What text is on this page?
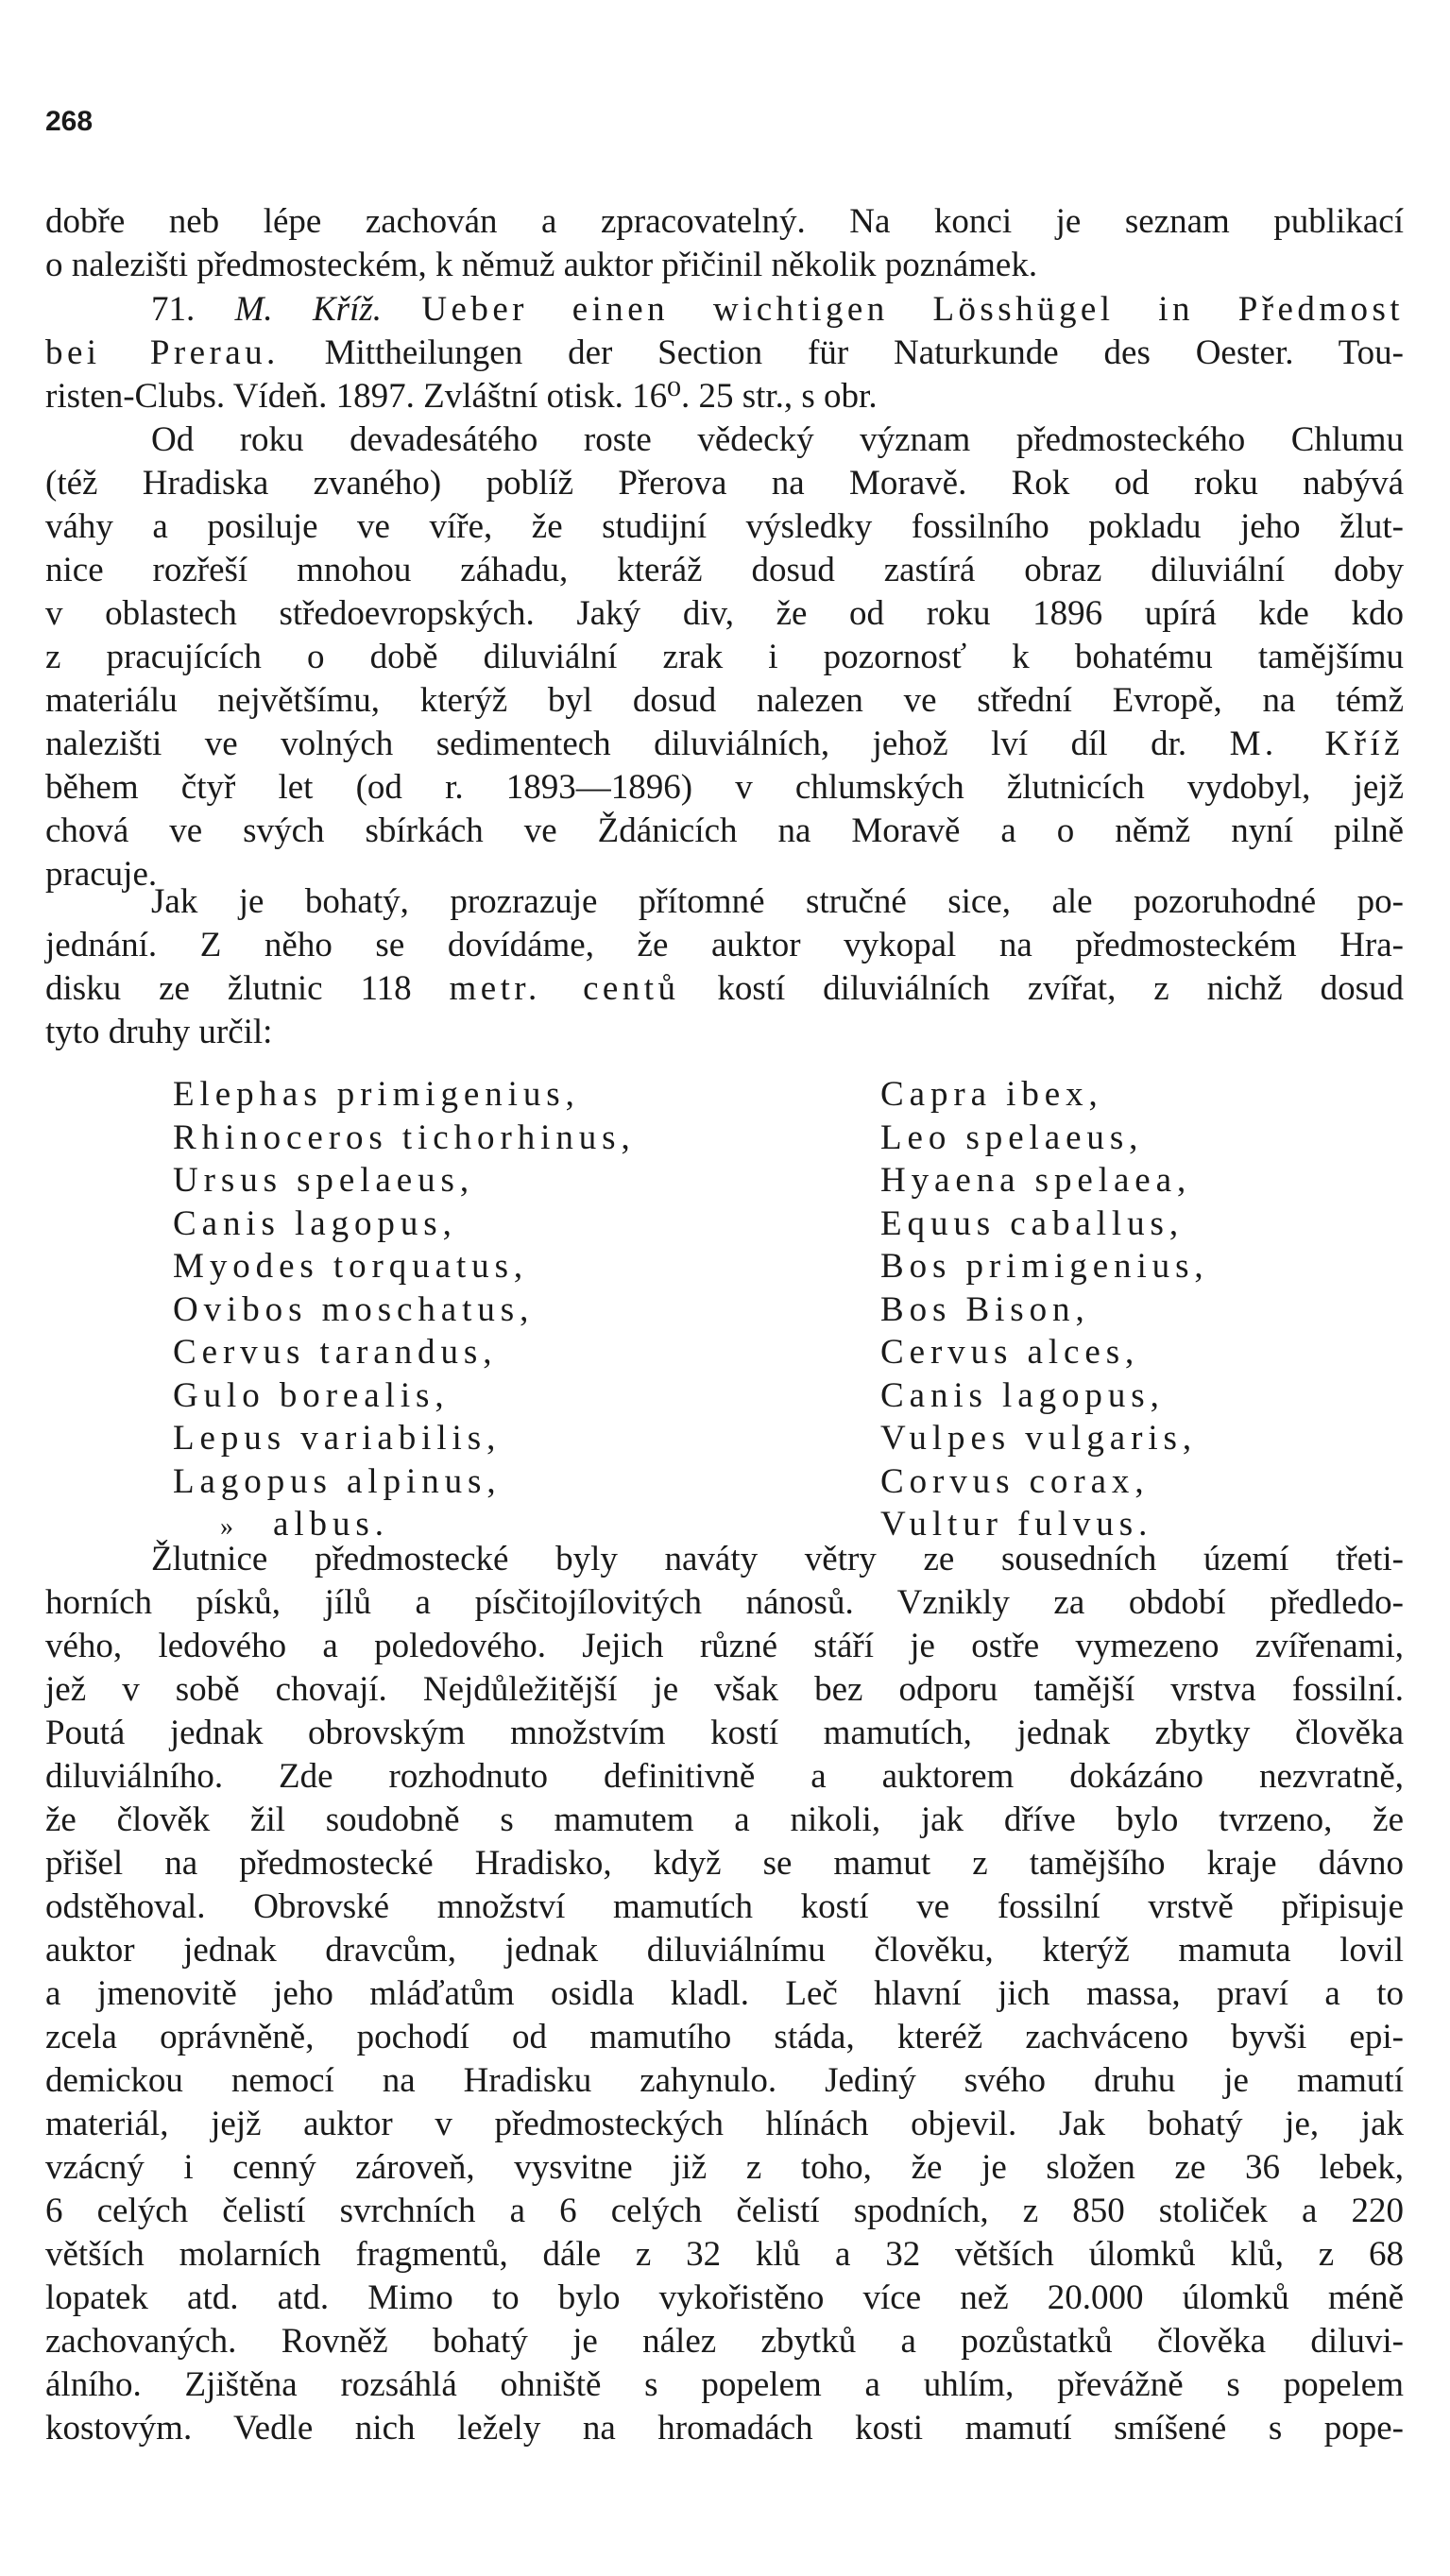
268
dobře neb lépe zachován a zpracovatelný. Na konci je seznam publikací
o nalezišti předmosteckém, k němuž auktor přičinil několik poznámek.
71. M. Kříž. Ueber einen wichtigen Lösshügel in Předmost
bei Prerau. Mittheilungen der Section für Naturkunde des Oester. Tou-
risten-Clubs. Vídeň. 1897. Zvláštní otisk. 16⁰. 25 str., s obr.
Od roku devadesátého roste vědecký význam předmosteckého Chlumu
(též Hradiska zvaného) poblíž Přerova na Moravě. Rok od roku nabývá
váhy a posiluje ve víře, že studijní výsledky fossilního pokladu jeho žlut-
nice rozřeší mnohou záhadu, kteráž dosud zastírá obraz diluviální doby
v oblastech středoevropských. Jaký div, že od roku 1896 upírá kde kdo
z pracujících o době diluviální zrak i pozornosť k bohatému tamějšímu
materiálu největšímu, kterýž byl dosud nalezen ve střední Evropě, na témž
nalezišti ve volných sedimentech diluviálních, jehož lví díl dr. M. Kříž
během čtyř let (od r. 1893—1896) v chlumských žlutnicích vydobyl, jejž
chová ve svých sbírkách ve Ždánicích na Moravě a o němž nyní pilně
pracuje.
Jak je bohatý, prozrazuje přítomné stručné sice, ale pozoruhodné po-
jednání. Z něho se dovídáme, že auktor vykopal na předmosteckém Hra-
disku ze žlutnic 118 metr. centů kostí diluviálních zvířat, z nichž dosud
tyto druhy určil:
Elephas primigenius,
Rhinoceros tichorhinus,
Ursus spelaeus,
Canis lagopus,
Myodes torquatus,
Ovibos moschatus,
Cervus tarandus,
Gulo borealis,
Lepus variabilis,
Lagopus alpinus,
» albus.
Capra ibex,
Leo spelaeus,
Hyaena spelaea,
Equus caballus,
Bos primigenius,
Bos Bison,
Cervus alces,
Canis lagopus,
Vulpes vulgaris,
Corvus corax,
Vultur fulvus.
Žlutnice předmostecké byly naváty větry ze sousedních území třeti-
horních písků, jílů a písčitojílovitých nánosů. Vznikly za období předledo-
vého, ledového a poledového. Jejich různé stáří je ostře vymezeno zvířenami,
jež v sobě chovají. Nejdůležitější je však bez odporu tamější vrstva fossilní.
Poutá jednak obrovským množstvím kostí mamutích, jednak zbytky člověka
diluviálního. Zde rozhodnuto definitivně a auktorem dokázáno nezvratně,
že člověk žil soudobně s mamutem a nikoli, jak dříve bylo tvrzeno, že
přišel na předmostecké Hradisko, když se mamut z tamějšího kraje dávno
odstěhoval. Obrovské množství mamutích kostí ve fossilní vrstvě připisuje
auktor jednak dravcům, jednak diluviálnímu člověku, kterýž mamuta lovil
a jmenovitě jeho mláďatům osidla kladl. Leč hlavní jich massa, praví a to
zcela oprávněně, pochodí od mamutího stáda, kteréž zachváceno byvši epi-
demickou nemocí na Hradisku zahynulo. Jediný svého druhu je mamutí
materiál, jejž auktor v předmosteckých hlínách objevil. Jak bohatý je, jak
vzácný i cenný zároveň, vysvitne již z toho, že je složen ze 36 lebek,
6 celých čelistí svrchních a 6 celých čelistí spodních, z 850 stoliček a 220
větších molarních fragmentů, dále z 32 klů a 32 větších úlomků klů, z 68
lopatek atd. atd. Mimo to bylo vykořistěno více než 20.000 úlomků méně
zachovaných. Rovněž bohatý je nález zbytků a pozůstatků člověka diluvi-
álního. Zjištěna rozsáhlá ohniště s popelem a uhlím, převážně s popelem
kostovým. Vedle nich ležely na hromadách kosti mamutí smíšené s pope-
